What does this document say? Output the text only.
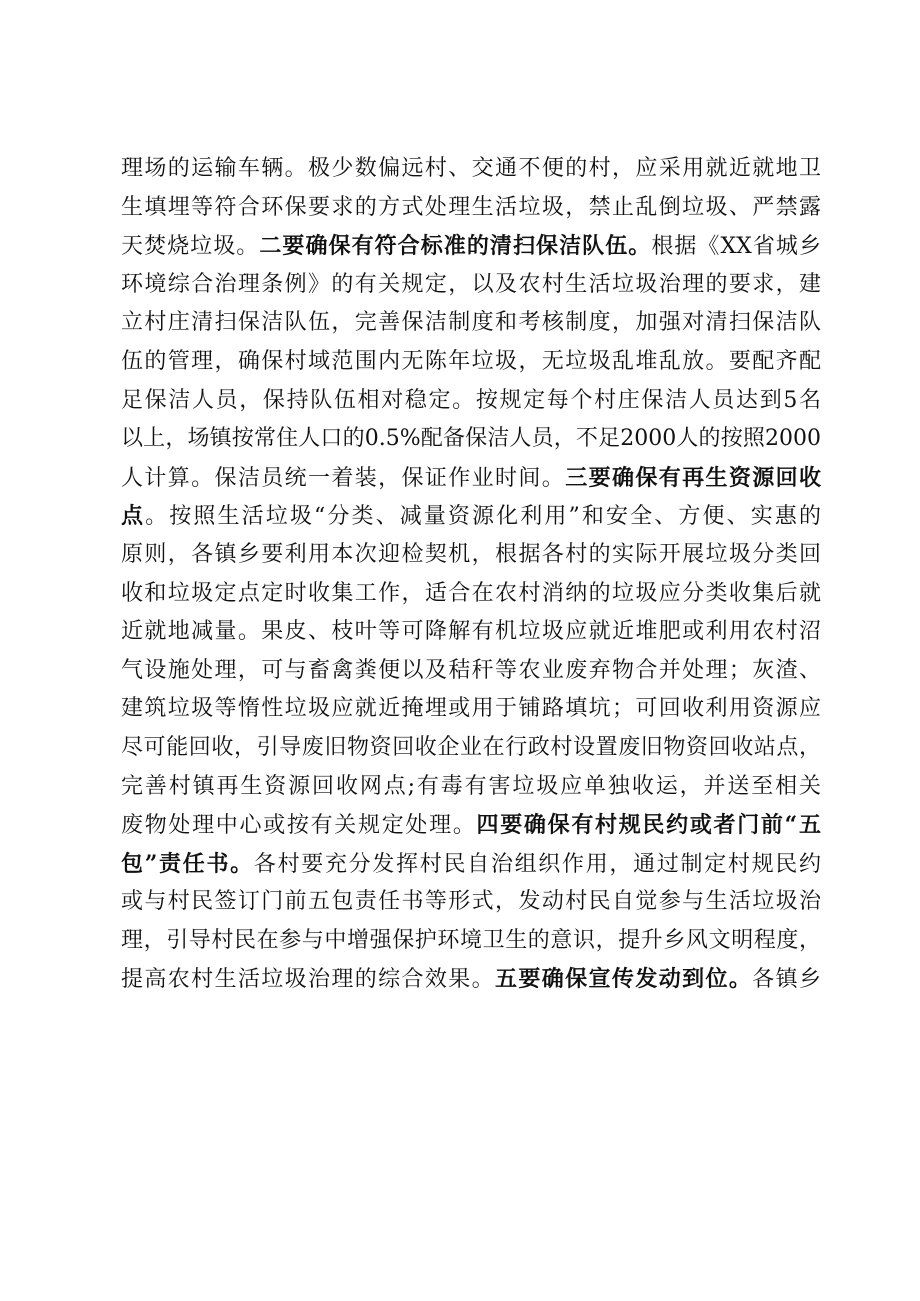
理场的运输车辆。极少数偏远村、交通不便的村，应采用就近就地卫
生填埋等符合环保要求的方式处理生活垃圾，禁止乱倒垃圾、严禁露
天焚烧垃圾。二要确保有符合标准的清扫保洁队伍。根据《XX省城乡
环境综合治理条例》的有关规定，以及农村生活垃圾治理的要求，建
立村庄清扫保洁队伍，完善保洁制度和考核制度，加强对清扫保洁队
伍的管理，确保村域范围内无陈年垃圾，无垃圾乱堆乱放。要配齐配
足保洁人员，保持队伍相对稳定。按规定每个村庄保洁人员达到5名
以上，场镇按常住人口的0.5%配备保洁人员，不足2000人的按照2000
人计算。保洁员统一着装，保证作业时间。三要确保有再生资源回收
点。按照生活垃圾“分类、减量资源化利用”和安全、方便、实惠的
原则，各镇乡要利用本次迎检契机，根据各村的实际开展垃圾分类回
收和垃圾定点定时收集工作，适合在农村消纳的垃圾应分类收集后就
近就地减量。果皮、枝叶等可降解有机垃圾应就近堆肥或利用农村沼
气设施处理，可与畜禽粪便以及秸秆等农业废弃物合并处理；灰渣、
建筑垃圾等惰性垃圾应就近掩埋或用于铺路填坑；可回收利用资源应
尽可能回收，引导废旧物资回收企业在行政村设置废旧物资回收站点，
完善村镇再生资源回收网点;有毒有害垃圾应单独收运，并送至相关
废物处理中心或按有关规定处理。四要确保有村规民约或者门前“五
包”责任书。各村要充分发挥村民自治组织作用，通过制定村规民约
或与村民签订门前五包责任书等形式，发动村民自觉参与生活垃圾治
理，引导村民在参与中增强保护环境卫生的意识，提升乡风文明程度，
提高农村生活垃圾治理的综合效果。五要确保宣传发动到位。各镇乡
